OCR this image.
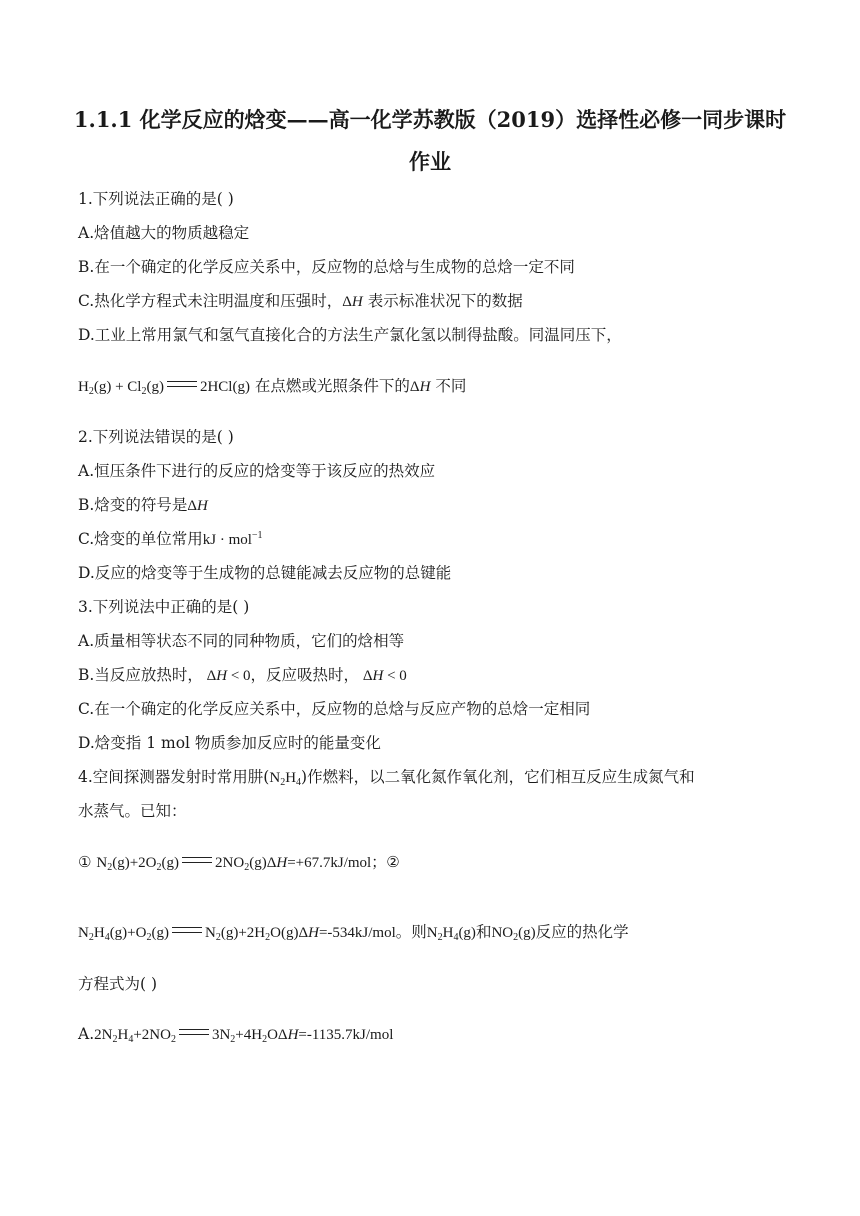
1.1.1 化学反应的焓变——高一化学苏教版（2019）选择性必修一同步课时
作业
1.下列说法正确的是( )
A.焓值越大的物质越稳定
B.在一个确定的化学反应关系中，反应物的总焓与生成物的总焓一定不同
C.热化学方程式未注明温度和压强时，ΔH 表示标准状况下的数据
D.工业上常用氯气和氢气直接化合的方法生产氯化氢以制得盐酸。同温同压下，
$H_2(g) + Cl_2(g)$ 2HCl(g) 在点燃或光照条件下的ΔH 不同
2.下列说法错误的是( )
A.恒压条件下进行的反应的焓变等于该反应的热效应
B.焓变的符号是ΔH
C.焓变的单位常用kJ · mol$^{-1}$
D.反应的焓变等于生成物的总键能减去反应物的总键能
3.下列说法中正确的是( )
A.质量相等状态不同的同种物质，它们的焓相等
B.当反应放热时， ΔH < 0，反应吸热时， ΔH < 0
C.在一个确定的化学反应关系中，反应物的总焓与反应产物的总焓一定相同
D.焓变指 1 mol 物质参加反应时的能量变化
4.空间探测器发射时常用肼$(N_2H_4)$作燃料，以二氧化氮作氧化剂，它们相互反应生成氮气和
水蒸气。已知：
① $N_2(g)+2O_2(g)$ $2NO_2(g)\Delta H=+67.7kJ$/mol；②
$N_2H_4(g)+O_2(g)$ $N_2(g)+2H_2O(g)\Delta H=-534kJ$/mol。则$N_2H_4(g)$和$NO_2(g)$反应的热化学
方程式为( )
$A.2N_2H_4+2NO_2$ $3N_2+4H_2O\Delta H=-1135.7kJ$/mol
